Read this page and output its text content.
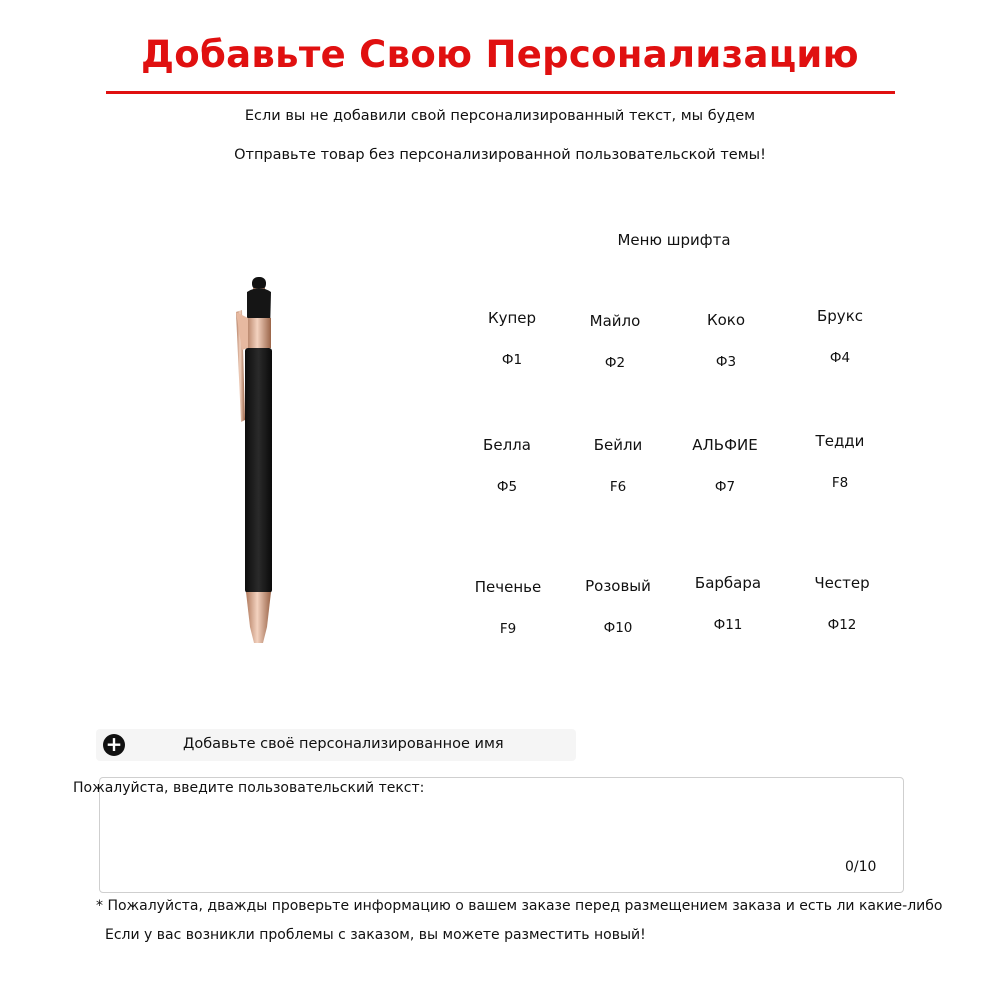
Добавьте Свою Персонализацию
Если вы не добавили свой персонализированный текст, мы будем
Отправьте товар без персонализированной пользовательской темы!
Меню шрифта
Купер
Ф1
Майло
Ф2
Коко
Ф3
Брукс
Ф4
Белла
Ф5
Бейли
F6
АЛЬФИЕ
Ф7
Тедди
F8
Печенье
F9
Розовый
Ф10
Барбара
Ф11
Честер
Ф12
+	Добавьте своё персонализированное имя
Пожалуйста, введите пользовательский текст:
0/10
* Пожалуйста, дважды проверьте информацию о вашем заказе перед размещением заказа и есть ли какие-либо
Если у вас возникли проблемы с заказом, вы можете разместить новый!
